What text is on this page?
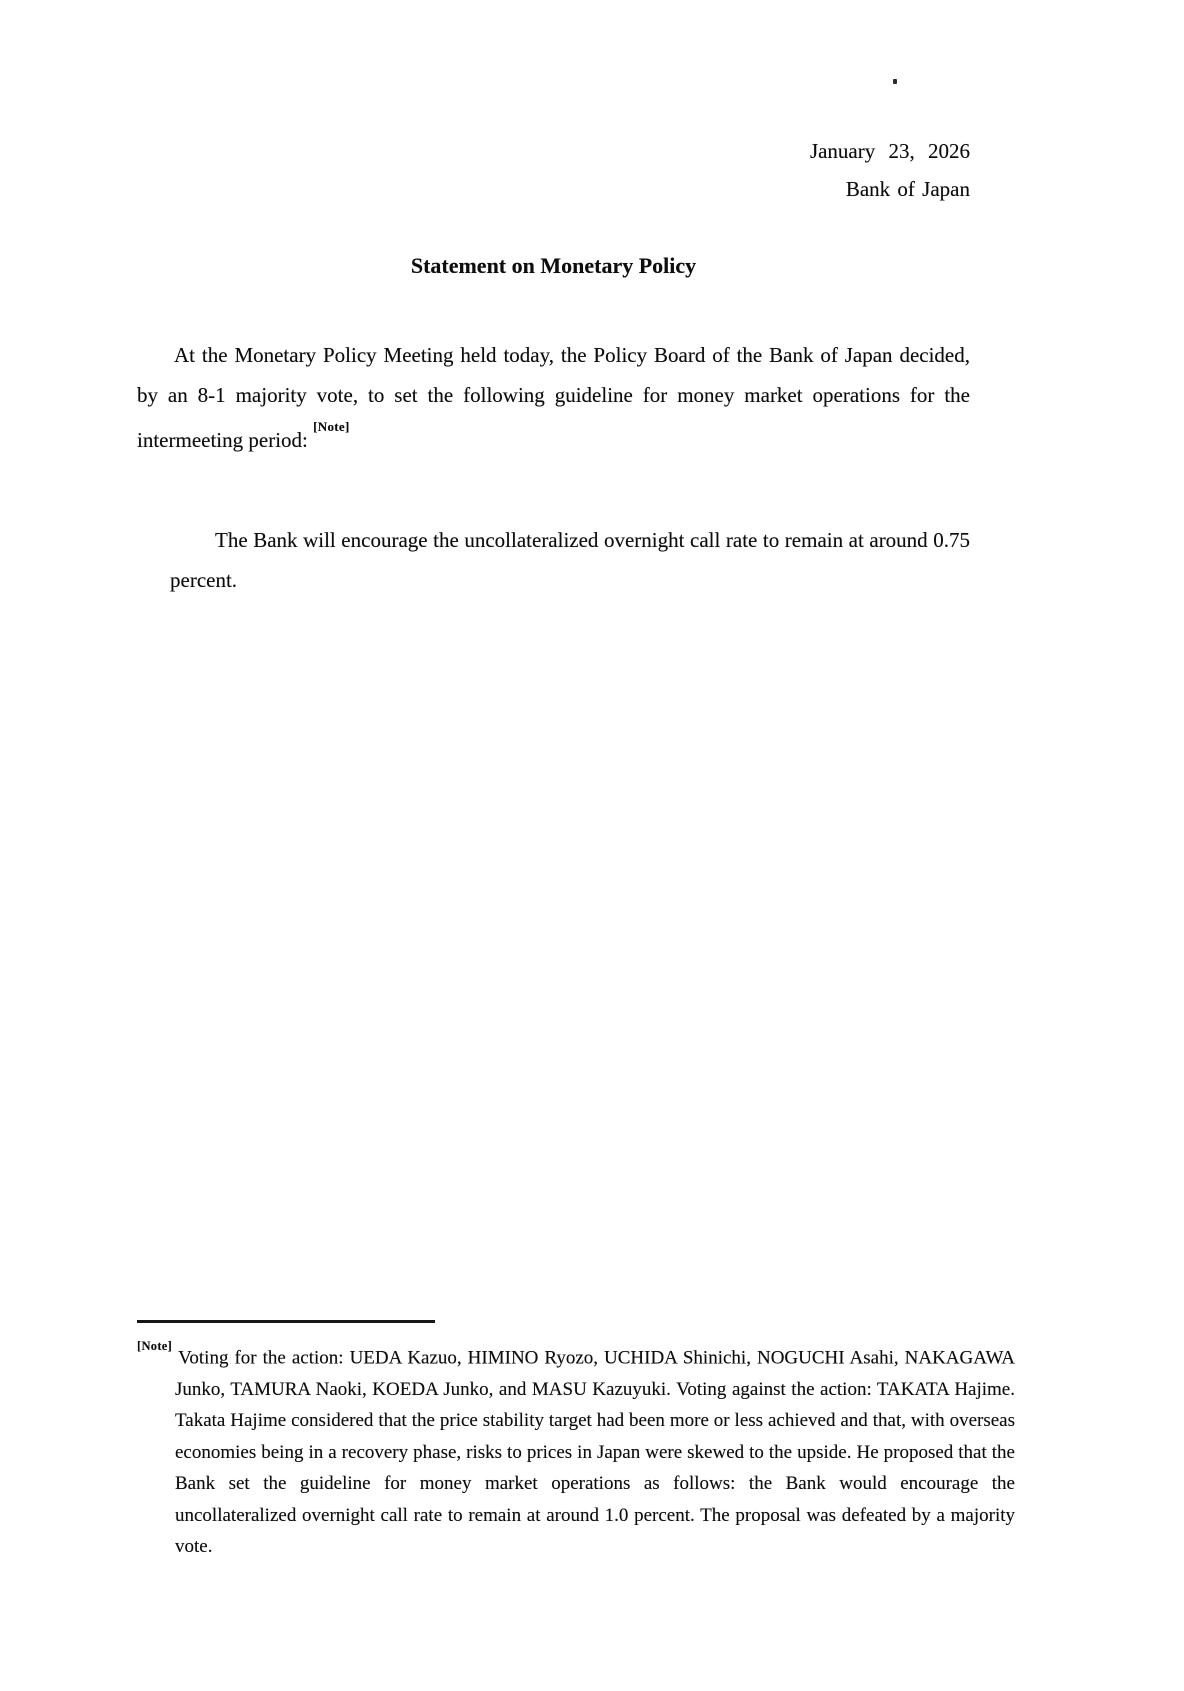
January 23, 2026
Bank of Japan
Statement on Monetary Policy

At the Monetary Policy Meeting held today, the Policy Board of the Bank of Japan decided, by an 8-1 majority vote, to set the following guideline for money market operations for the intermeeting period: [Note]

The Bank will encourage the uncollateralized overnight call rate to remain at around 0.75 percent.

[Note]Voting for the action: UEDA Kazuo, HIMINO Ryozo, UCHIDA Shinichi, NOGUCHI Asahi, NAKAGAWA Junko, TAMURA Naoki, KOEDA Junko, and MASU Kazuyuki. Voting against the action: TAKATA Hajime. Takata Hajime considered that the price stability target had been more or less achieved and that, with overseas economies being in a recovery phase, risks to prices in Japan were skewed to the upside. He proposed that the Bank set the guideline for money market operations as follows: the Bank would encourage the uncollateralized overnight call rate to remain at around 1.0 percent. The proposal was defeated by a majority vote.
